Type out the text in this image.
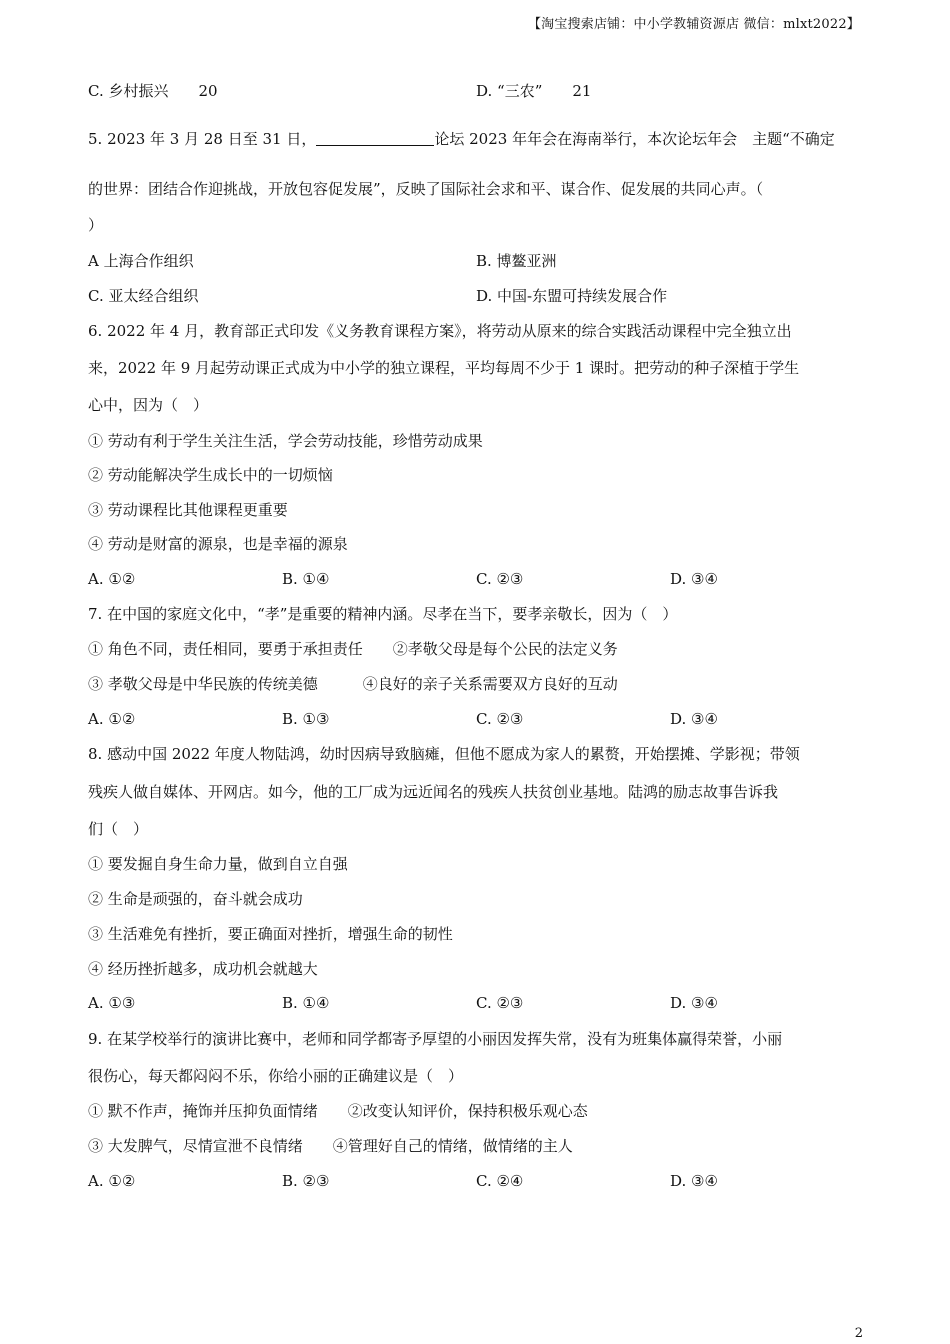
【淘宝搜索店铺：中小学教辅资源店 微信：mlxt2022】
C. 乡村振兴　　20	D. “三农”　　21
5. 2023 年 3 月 28 日至 31 日，	论坛 2023 年年会在海南举行，本次论坛年会　主题“不确定
的世界：团结合作迎挑战，开放包容促发展”，反映了国际社会求和平、谋合作、促发展的共同心声。（
）
A 上海合作组织	B. 博鳌亚洲
C. 亚太经合组织	D. 中国-东盟可持续发展合作
6. 2022 年 4 月，教育部正式印发《义务教育课程方案》，将劳动从原来的综合实践活动课程中完全独立出
来，2022 年 9 月起劳动课正式成为中小学的独立课程，平均每周不少于 1 课时。把劳动的种子深植于学生
心中，因为（　）
① 劳动有利于学生关注生活，学会劳动技能，珍惜劳动成果
② 劳动能解决学生成长中的一切烦恼
③ 劳动课程比其他课程更重要
④ 劳动是财富的源泉，也是幸福的源泉
A. ①②	B. ①④	C. ②③	D. ③④
7. 在中国的家庭文化中，“孝”是重要的精神内涵。尽孝在当下，要孝亲敬长，因为（　）
① 角色不同，责任相同，要勇于承担责任　　②孝敬父母是每个公民的法定义务
③ 孝敬父母是中华民族的传统美德　　　④良好的亲子关系需要双方良好的互动
A. ①②	B. ①③	C. ②③	D. ③④
8. 感动中国 2022 年度人物陆鸿，幼时因病导致脑瘫，但他不愿成为家人的累赘，开始摆摊、学影视；带领
残疾人做自媒体、开网店。如今，他的工厂成为远近闻名的残疾人扶贫创业基地。陆鸿的励志故事告诉我
们（　）
① 要发掘自身生命力量，做到自立自强
② 生命是顽强的，奋斗就会成功
③ 生活难免有挫折，要正确面对挫折，增强生命的韧性
④ 经历挫折越多，成功机会就越大
A. ①③	B. ①④	C. ②③	D. ③④
9. 在某学校举行的演讲比赛中，老师和同学都寄予厚望的小丽因发挥失常，没有为班集体赢得荣誉，小丽
很伤心，每天都闷闷不乐，你给小丽的正确建议是（　）
① 默不作声，掩饰并压抑负面情绪　　②改变认知评价，保持积极乐观心态
③ 大发脾气，尽情宣泄不良情绪　　④管理好自己的情绪，做情绪的主人
A. ①②	B. ②③	C. ②④	D. ③④
2
